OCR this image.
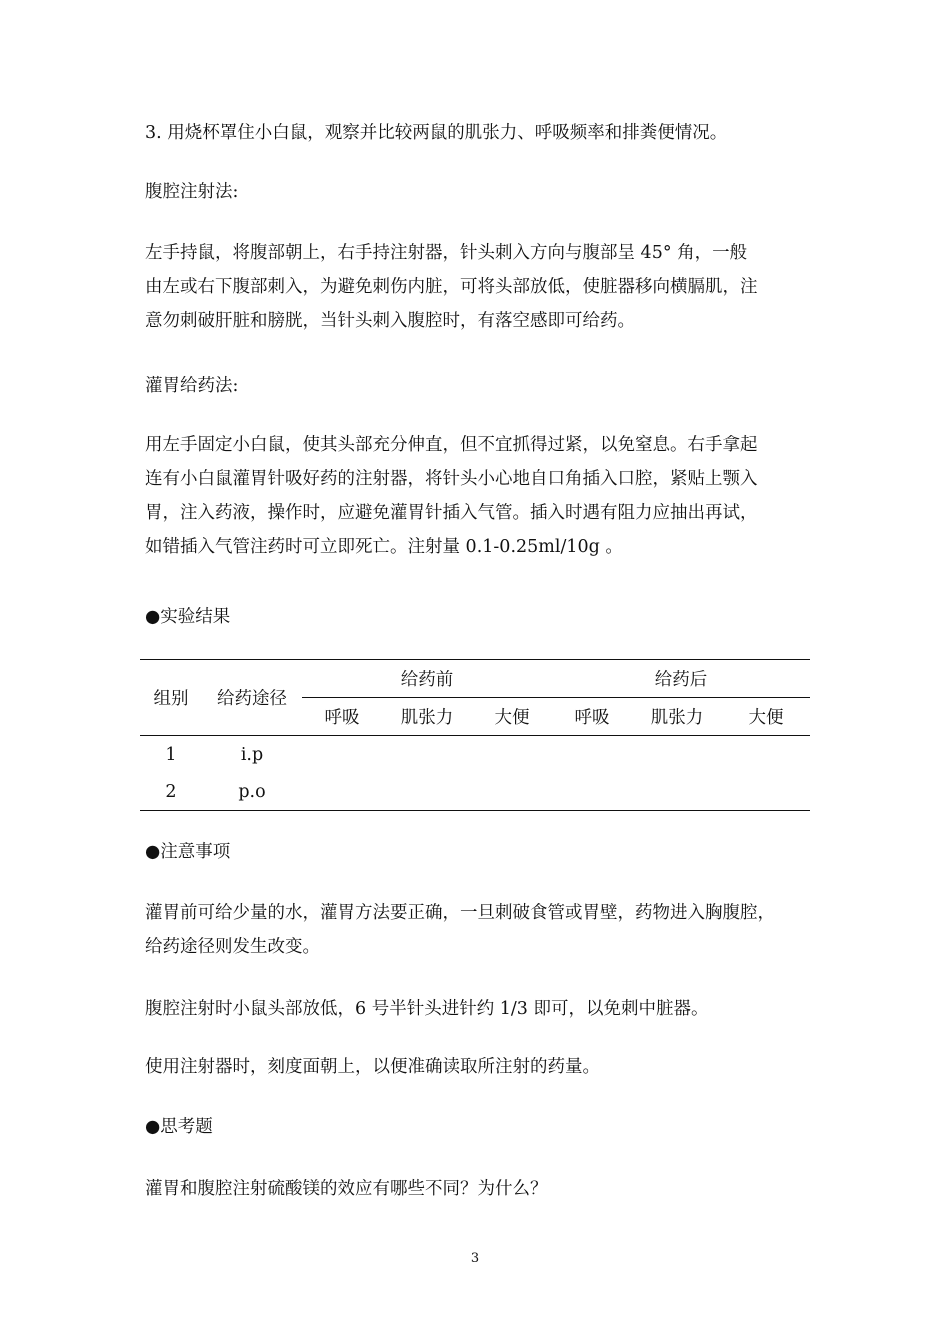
3. 用烧杯罩住小白鼠，观察并比较两鼠的肌张力、呼吸频率和排粪便情况。

腹腔注射法:

左手持鼠，将腹部朝上，右手持注射器，针头刺入方向与腹部呈 45° 角，一般
由左或右下腹部刺入，为避免刺伤内脏，可将头部放低，使脏器移向横膈肌，注
意勿刺破肝脏和膀胱，当针头刺入腹腔时，有落空感即可给药。

灌胃给药法:

用左手固定小白鼠，使其头部充分伸直，但不宜抓得过紧，以免窒息。右手拿起
连有小白鼠灌胃针吸好药的注射器，将针头小心地自口角插入口腔，紧贴上颚入
胃，注入药液，操作时，应避免灌胃针插入气管。插入时遇有阻力应抽出再试，
如错插入气管注药时可立即死亡。注射量 0.1-0.25ml/10g 。

●实验结果

组别	给药途径	给药前			给药后		
		呼吸	肌张力	大便	呼吸	肌张力	大便
1	i.p						
2	p.o						

●注意事项

灌胃前可给少量的水，灌胃方法要正确，一旦刺破食管或胃壁，药物进入胸腹腔，
给药途径则发生改变。

腹腔注射时小鼠头部放低，6 号半针头进针约 1/3 即可，以免刺中脏器。

使用注射器时，刻度面朝上，以便准确读取所注射的药量。

●思考题

灌胃和腹腔注射硫酸镁的效应有哪些不同？为什么？

3
